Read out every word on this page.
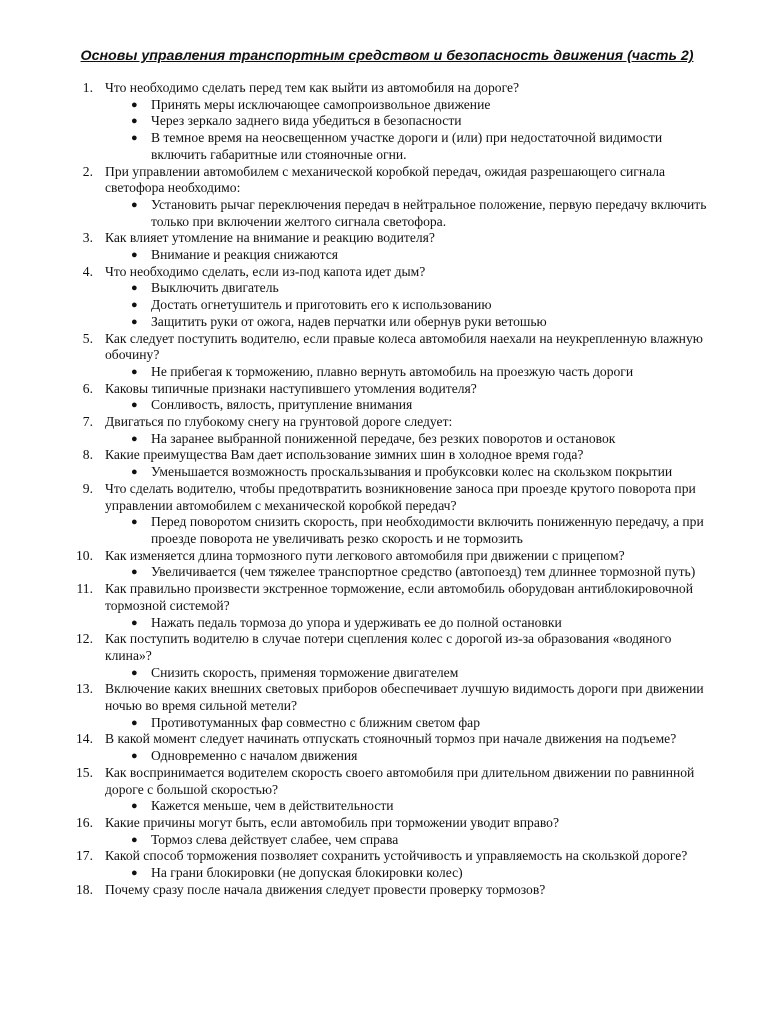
Основы управления транспортным средством и безопасность движения (часть 2)
1. Что необходимо сделать перед тем как выйти из автомобиля на дороге?
● Принять меры исключающее самопроизвольное движение
● Через зеркало заднего вида убедиться в безопасности
● В темное время на неосвещенном участке дороги и (или) при недостаточной видимости включить габаритные или стояночные огни.
2. При управлении автомобилем с механической коробкой передач, ожидая разрешающего сигнала светофора необходимо:
● Установить рычаг переключения передач в нейтральное положение, первую передачу включить только при включении желтого сигнала светофора.
3. Как влияет утомление на внимание и реакцию водителя?
● Внимание и реакция снижаются
4. Что необходимо сделать, если из-под капота идет дым?
● Выключить двигатель
● Достать огнетушитель и приготовить его к использованию
● Защитить руки от ожога, надев перчатки или обернув руки ветошью
5. Как следует поступить водителю, если правые колеса автомобиля наехали на неукрепленную влажную обочину?
● Не прибегая к торможению, плавно вернуть автомобиль на проезжую часть дороги
6. Каковы типичные признаки наступившего утомления водителя?
● Сонливость, вялость, притупление внимания
7. Двигаться по глубокому снегу на грунтовой дороге следует:
● На заранее выбранной пониженной передаче, без резких поворотов и остановок
8. Какие преимущества Вам дает использование зимних шин в холодное время года?
● Уменьшается возможность проскальзывания и пробуксовки колес на скользком покрытии
9. Что сделать водителю, чтобы предотвратить возникновение заноса при проезде крутого поворота при управлении автомобилем с механической коробкой передач?
● Перед поворотом снизить скорость, при необходимости включить пониженную передачу, а при проезде поворота не увеличивать резко скорость и не тормозить
10. Как изменяется длина тормозного пути легкового автомобиля при движении с прицепом?
● Увеличивается (чем тяжелее транспортное средство (автопоезд) тем длиннее тормозной путь)
11. Как правильно произвести экстренное торможение, если автомобиль оборудован антиблокировочной тормозной системой?
● Нажать педаль тормоза до упора и удерживать ее до полной остановки
12. Как поступить водителю в случае потери сцепления колес с дорогой из-за образования «водяного клина»?
● Снизить скорость, применяя торможение двигателем
13. Включение каких внешних световых приборов обеспечивает лучшую видимость дороги при движении ночью во время сильной метели?
● Противотуманных фар совместно с ближним светом фар
14. В какой момент следует начинать отпускать стояночный тормоз при начале движения на подъеме?
● Одновременно с началом движения
15. Как воспринимается водителем скорость своего автомобиля при длительном движении по равнинной дороге с большой скоростью?
● Кажется меньше, чем в действительности
16. Какие причины могут быть, если автомобиль при торможении уводит вправо?
● Тормоз слева действует слабее, чем справа
17. Какой способ торможения позволяет сохранить устойчивость и управляемость на скользкой дороге?
● На грани блокировки (не допуская блокировки колес)
18. Почему сразу после начала движения следует провести проверку тормозов?
